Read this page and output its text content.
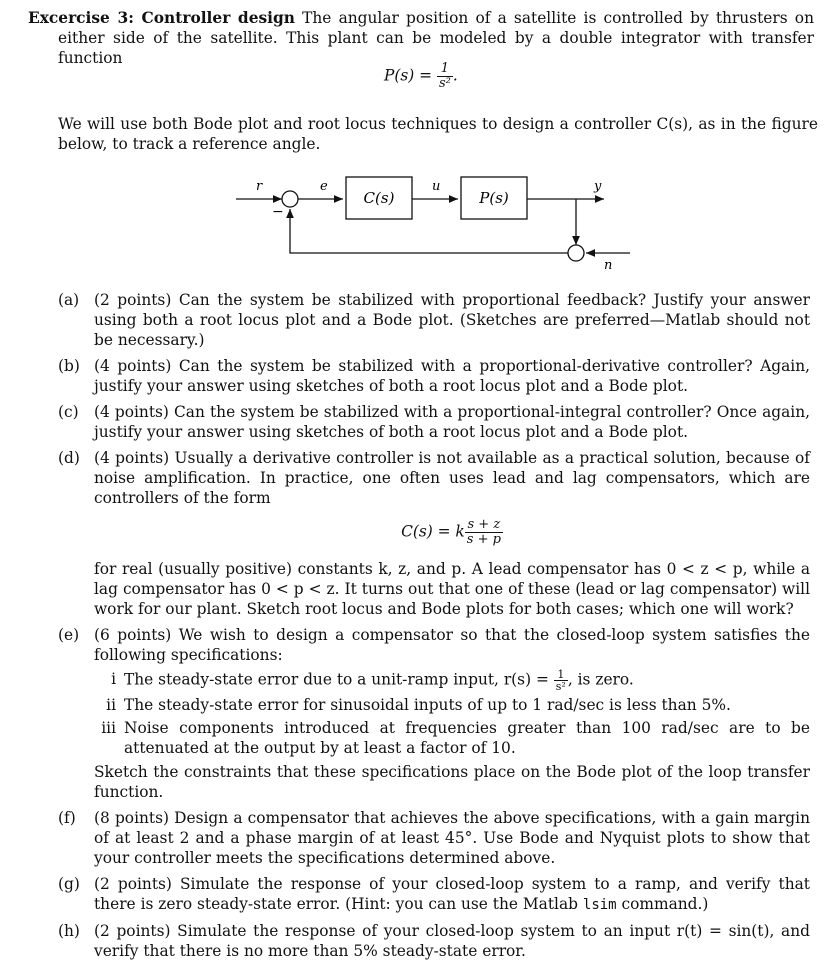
Excercise 3: Controller design The angular position of a satellite is controlled by thrusters on either side of the satellite. This plant can be modeled by a double integrator with transfer function

$P(s) = \frac{1}{\text{s²}}$ .

We will use both Bode plot and root locus techniques to design a controller C(s), as in the figure below, to track a reference angle.

r
−
e
C(s)
u
P(s)
y
n
(a) (2 points) Can the system be stabilized with proportional feedback? Justify your answer using both a root locus plot and a Bode plot. (Sketches are preferred—Matlab should not be necessary.)
(b) (4 points) Can the system be stabilized with a proportional-derivative controller? Again, justify your answer using sketches of both a root locus plot and a Bode plot.
(c) (4 points) Can the system be stabilized with a proportional-integral controller? Once again, justify your answer using sketches of both a root locus plot and a Bode plot.
(d) (4 points) Usually a derivative controller is not available as a practical solution, because of noise amplification. In practice, one often uses lead and lag compensators, which are controllers of the form
C(s) = k $\frac{s + z}{s + p}$
for real (usually positive) constants k, z, and p. A lead compensator has 0 < z < p, while a lag compensator has 0 < p < z. It turns out that one of these (lead or lag compensator) will work for our plant. Sketch root locus and Bode plots for both cases; which one will work?
(e) (6 points) We wish to design a compensator so that the closed-loop system satisfies the following specifications:
i The steady-state error due to a unit-ramp input, $r(s) = \frac{1}{\text{s²}}$ , is zero.
ii The steady-state error for sinusoidal inputs of up to 1 rad/sec is less than 5%.
iii Noise components introduced at frequencies greater than 100 rad/sec are to be attenuated at the output by at least a factor of 10.
Sketch the constraints that these specifications place on the Bode plot of the loop transfer function.
(f) (8 points) Design a compensator that achieves the above specifications, with a gain margin of at least 2 and a phase margin of at least 45°. Use Bode and Nyquist plots to show that your controller meets the specifications determined above.
(g) (2 points) Simulate the response of your closed-loop system to a ramp, and verify that there is zero steady-state error. (Hint: you can use the Matlab lsim command.)
(h) (2 points) Simulate the response of your closed-loop system to an input r(t) = sin(t), and verify that there is no more than 5% steady-state error.
